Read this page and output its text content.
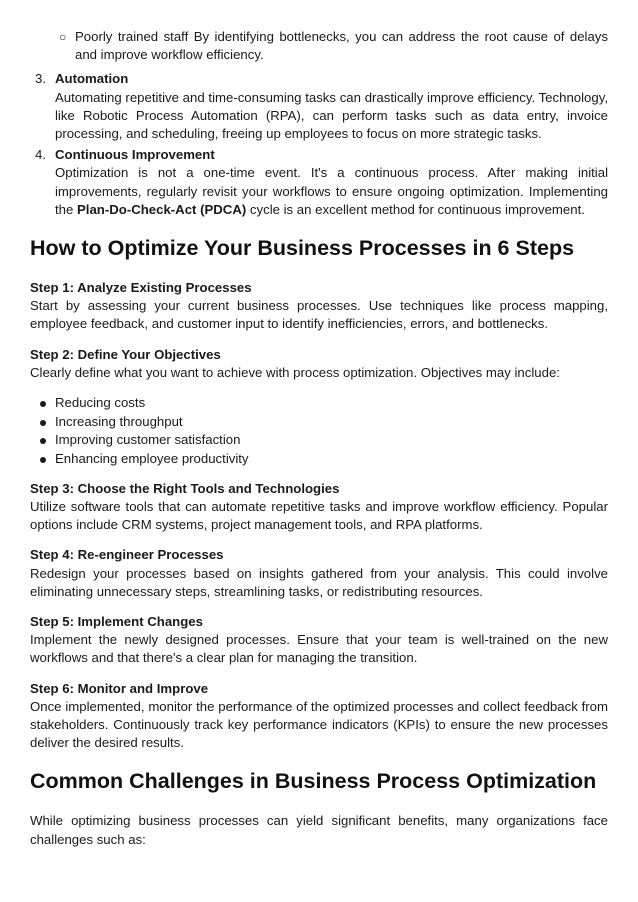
○ Poorly trained staff By identifying bottlenecks, you can address the root cause of delays and improve workflow efficiency.

3. Automation

Automating repetitive and time-consuming tasks can drastically improve efficiency. Technology, like Robotic Process Automation (RPA), can perform tasks such as data entry, invoice processing, and scheduling, freeing up employees to focus on more strategic tasks.

4. Continuous Improvement

Optimization is not a one-time event. It's a continuous process. After making initial improvements, regularly revisit your workflows to ensure ongoing optimization. Implementing the Plan-Do-Check-Act (PDCA) cycle is an excellent method for continuous improvement.

How to Optimize Your Business Processes in 6 Steps
Step 1: Analyze Existing Processes

Start by assessing your current business processes. Use techniques like process mapping, employee feedback, and customer input to identify inefficiencies, errors, and bottlenecks.

Step 2: Define Your Objectives

Clearly define what you want to achieve with process optimization. Objectives may include:

Reducing costs
Increasing throughput
Improving customer satisfaction
Enhancing employee productivity
Step 3: Choose the Right Tools and Technologies

Utilize software tools that can automate repetitive tasks and improve workflow efficiency. Popular options include CRM systems, project management tools, and RPA platforms.

Step 4: Re-engineer Processes

Redesign your processes based on insights gathered from your analysis. This could involve eliminating unnecessary steps, streamlining tasks, or redistributing resources.

Step 5: Implement Changes

Implement the newly designed processes. Ensure that your team is well-trained on the new workflows and that there's a clear plan for managing the transition.

Step 6: Monitor and Improve

Once implemented, monitor the performance of the optimized processes and collect feedback from stakeholders. Continuously track key performance indicators (KPIs) to ensure the new processes deliver the desired results.

Common Challenges in Business Process Optimization

While optimizing business processes can yield significant benefits, many organizations face challenges such as:
